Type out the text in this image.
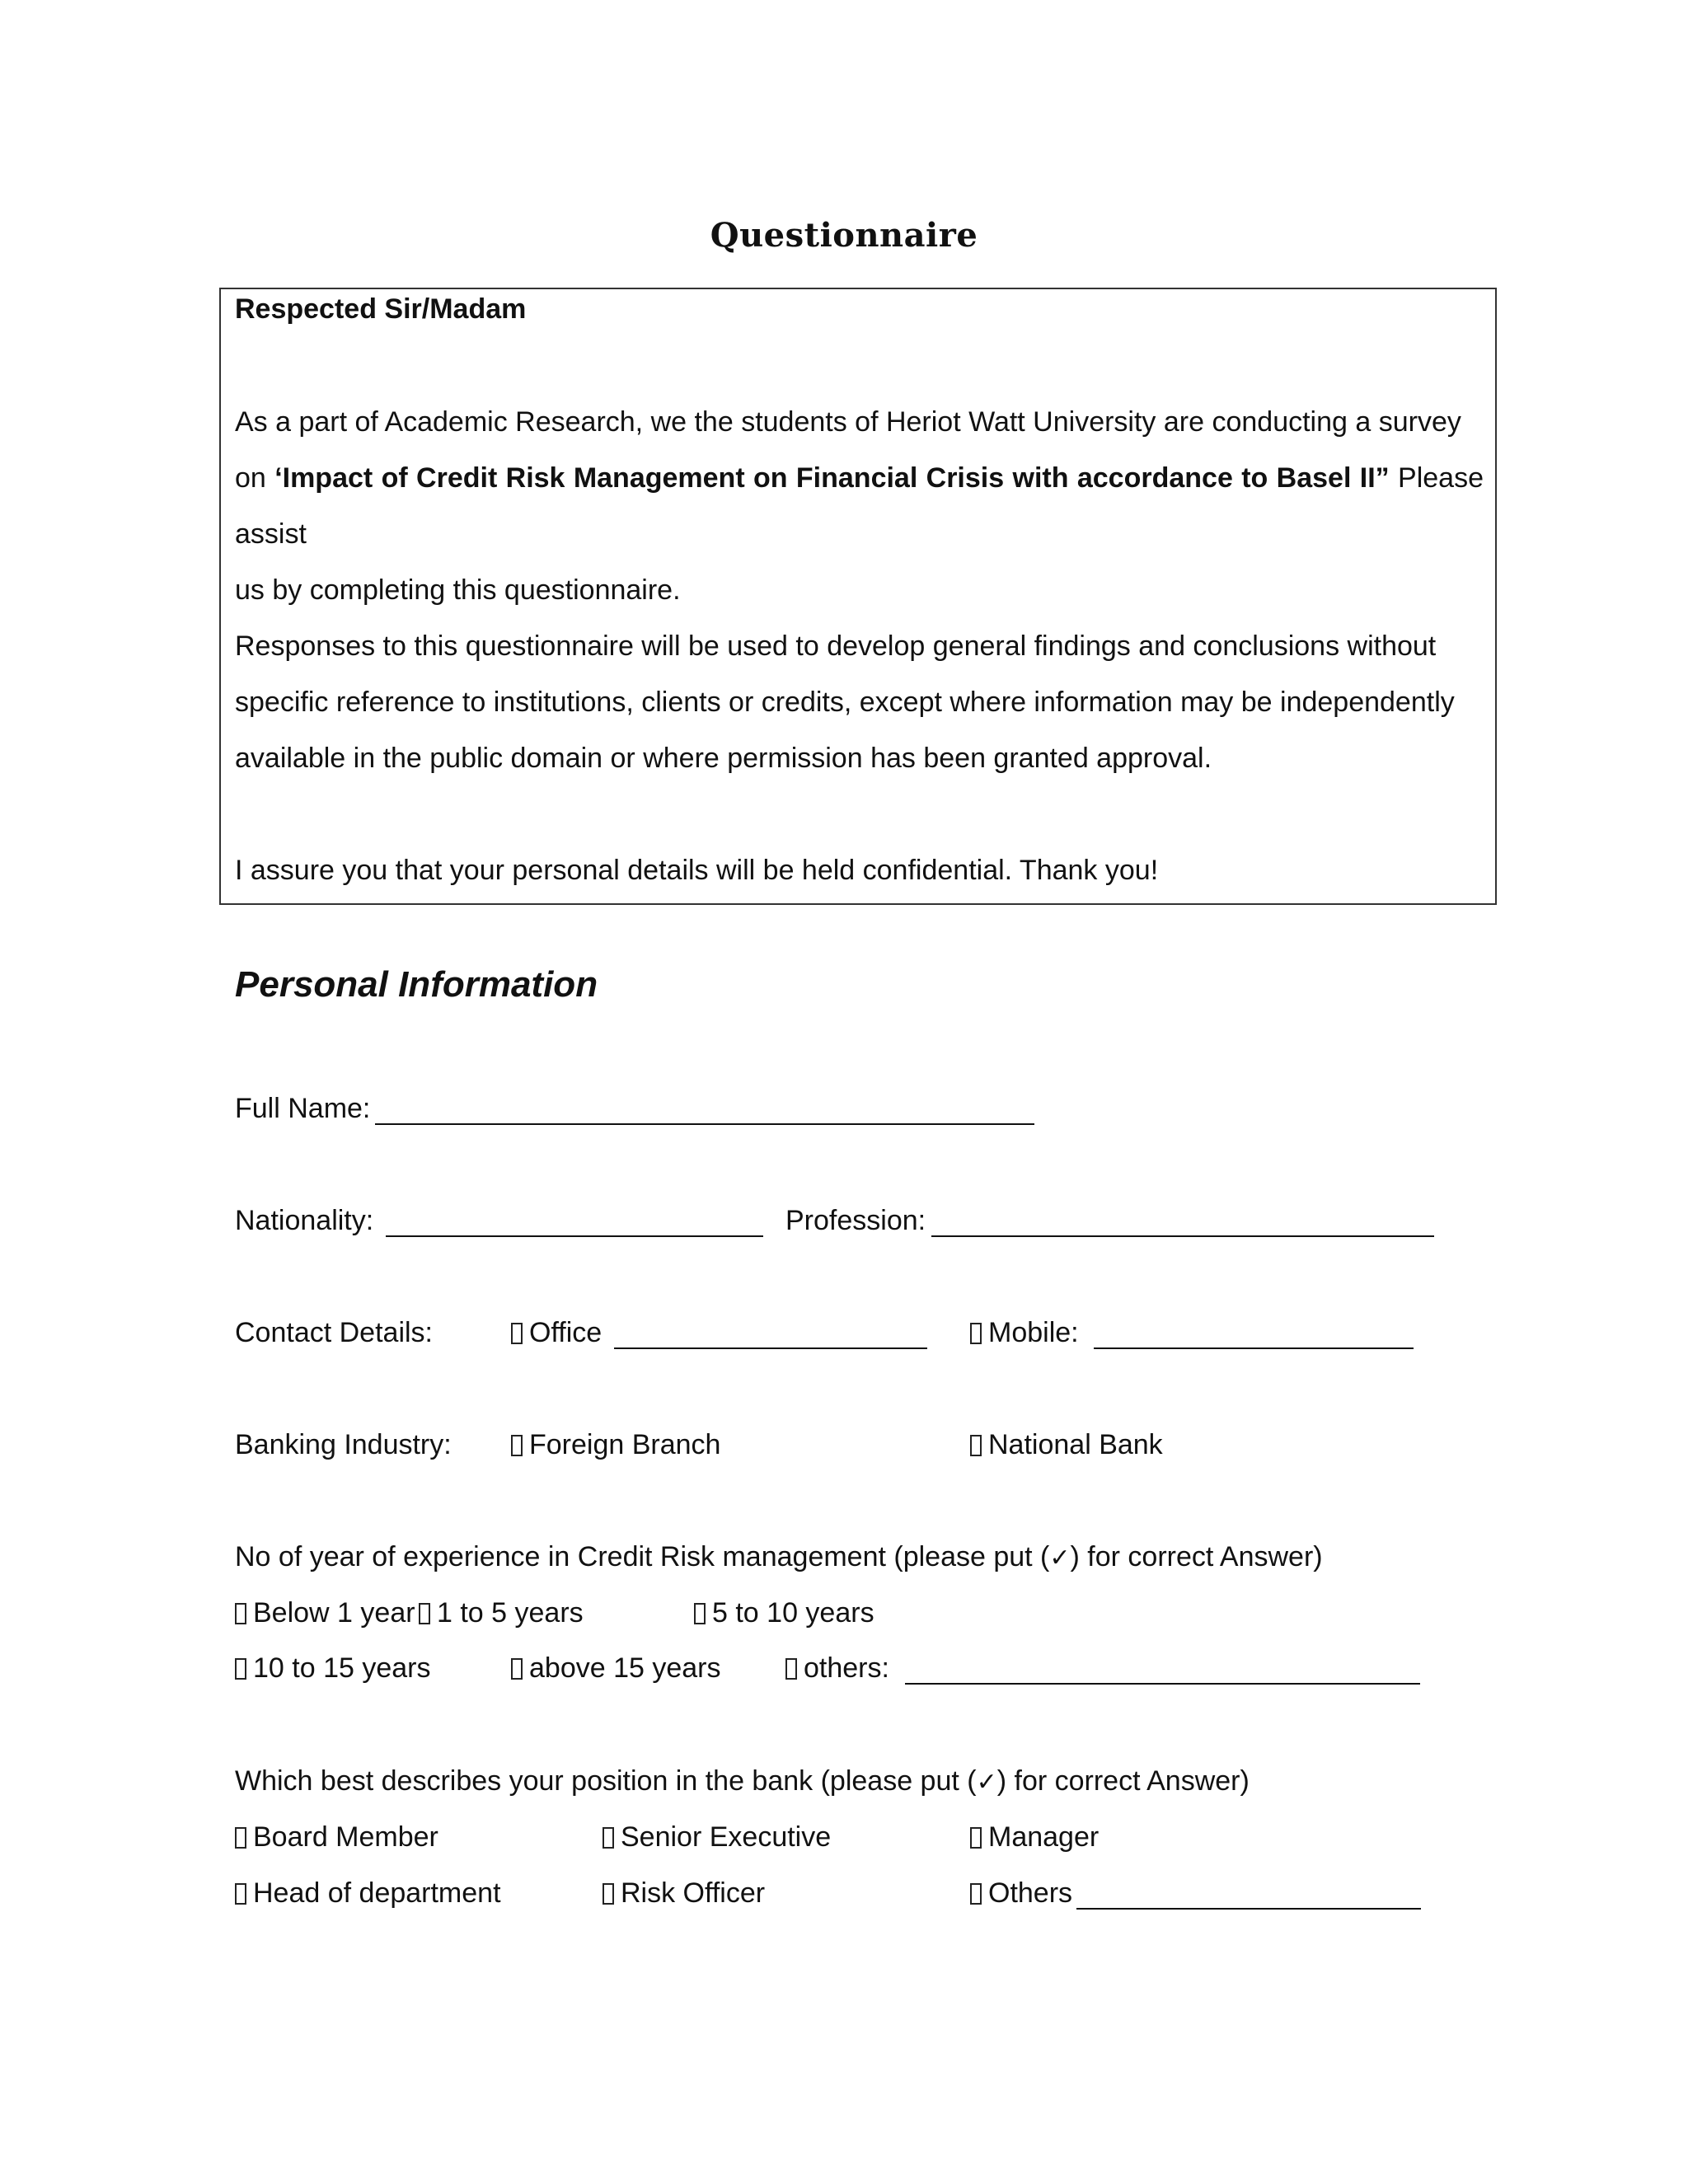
Questionnaire
Respected Sir/Madam
As a part of Academic Research, we the students of Heriot Watt University are conducting a survey
on ‘Impact of Credit Risk Management on Financial Crisis with accordance to Basel II” Please assist
us by completing this questionnaire.
Responses to this questionnaire will be used to develop general findings and conclusions without
specific reference to institutions, clients or credits, except where information may be independently
available in the public domain or where permission has been granted approval.
I assure you that your personal details will be held confidential. Thank you!
Personal Information
Full Name:
Nationality:	Profession:
Contact Details:	Office	Mobile:
Banking Industry:	Foreign Branch	National Bank
No of year of experience in Credit Risk management (please put (✓) for correct Answer)
Below 1 year 1 to 5 years	5 to 10 years
10 to 15 years	above 15 years	others:
Which best describes your position in the bank (please put (✓) for correct Answer)
Board Member	Senior Executive	Manager
Head of department	Risk Officer	Others
